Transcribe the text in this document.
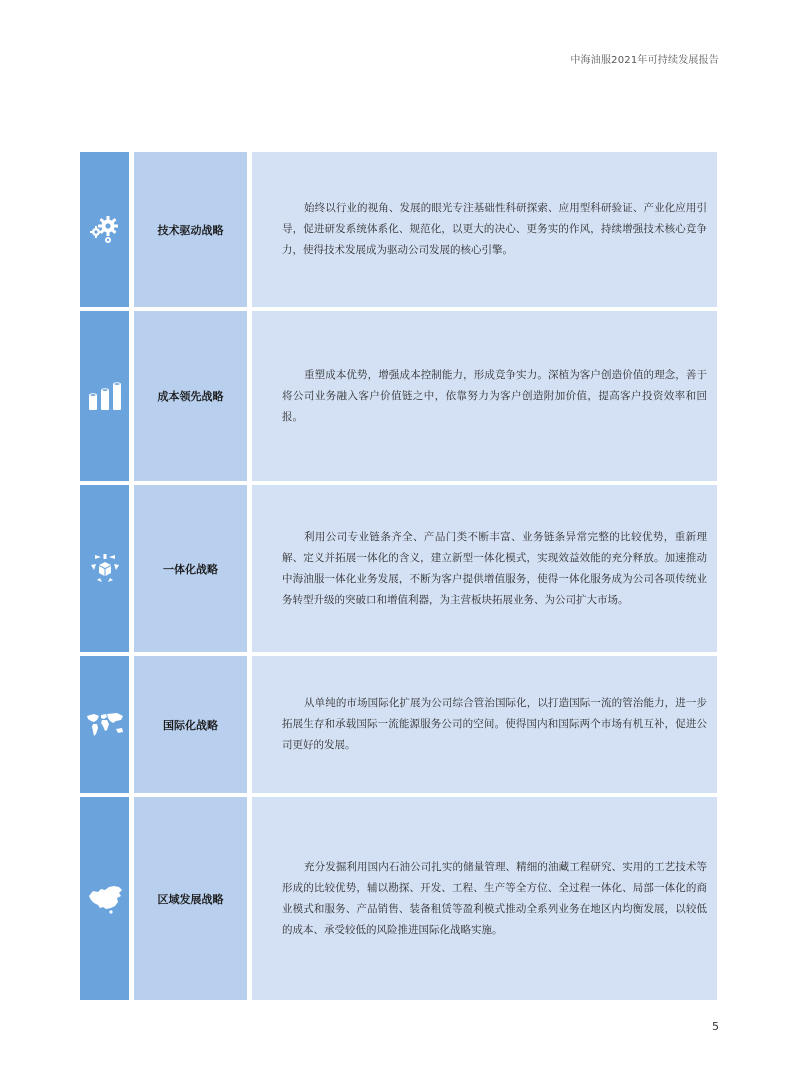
中海油服2021年可持续发展报告
技术驱动战略

始终以行业的视角、发展的眼光专注基础性科研探索、应用型科研验证、产业化应用引导，促进研发系统体系化、规范化，以更大的决心、更务实的作风，持续增强技术核心竞争力，使得技术发展成为驱动公司发展的核心引擎。

成本领先战略

重塑成本优势，增强成本控制能力，形成竞争实力。深植为客户创造价值的理念，善于将公司业务融入客户价值链之中，依靠努力为客户创造附加价值，提高客户投资效率和回报。

一体化战略

利用公司专业链条齐全、产品门类不断丰富、业务链条异常完整的比较优势，重新理解、定义并拓展一体化的含义，建立新型一体化模式，实现效益效能的充分释放。加速推动中海油服一体化业务发展，不断为客户提供增值服务，使得一体化服务成为公司各项传统业务转型升级的突破口和增值利器，为主营板块拓展业务、为公司扩大市场。

国际化战略

从单纯的市场国际化扩展为公司综合管治国际化，以打造国际一流的管治能力，进一步拓展生存和承载国际一流能源服务公司的空间。使得国内和国际两个市场有机互补，促进公司更好的发展。

区域发展战略

充分发掘利用国内石油公司扎实的储量管理、精细的油藏工程研究、实用的工艺技术等形成的比较优势，辅以勘探、开发、工程、生产等全方位、全过程一体化、局部一体化的商业模式和服务、产品销售、装备租赁等盈利模式推动全系列业务在地区内均衡发展，以较低的成本、承受较低的风险推进国际化战略实施。

5
